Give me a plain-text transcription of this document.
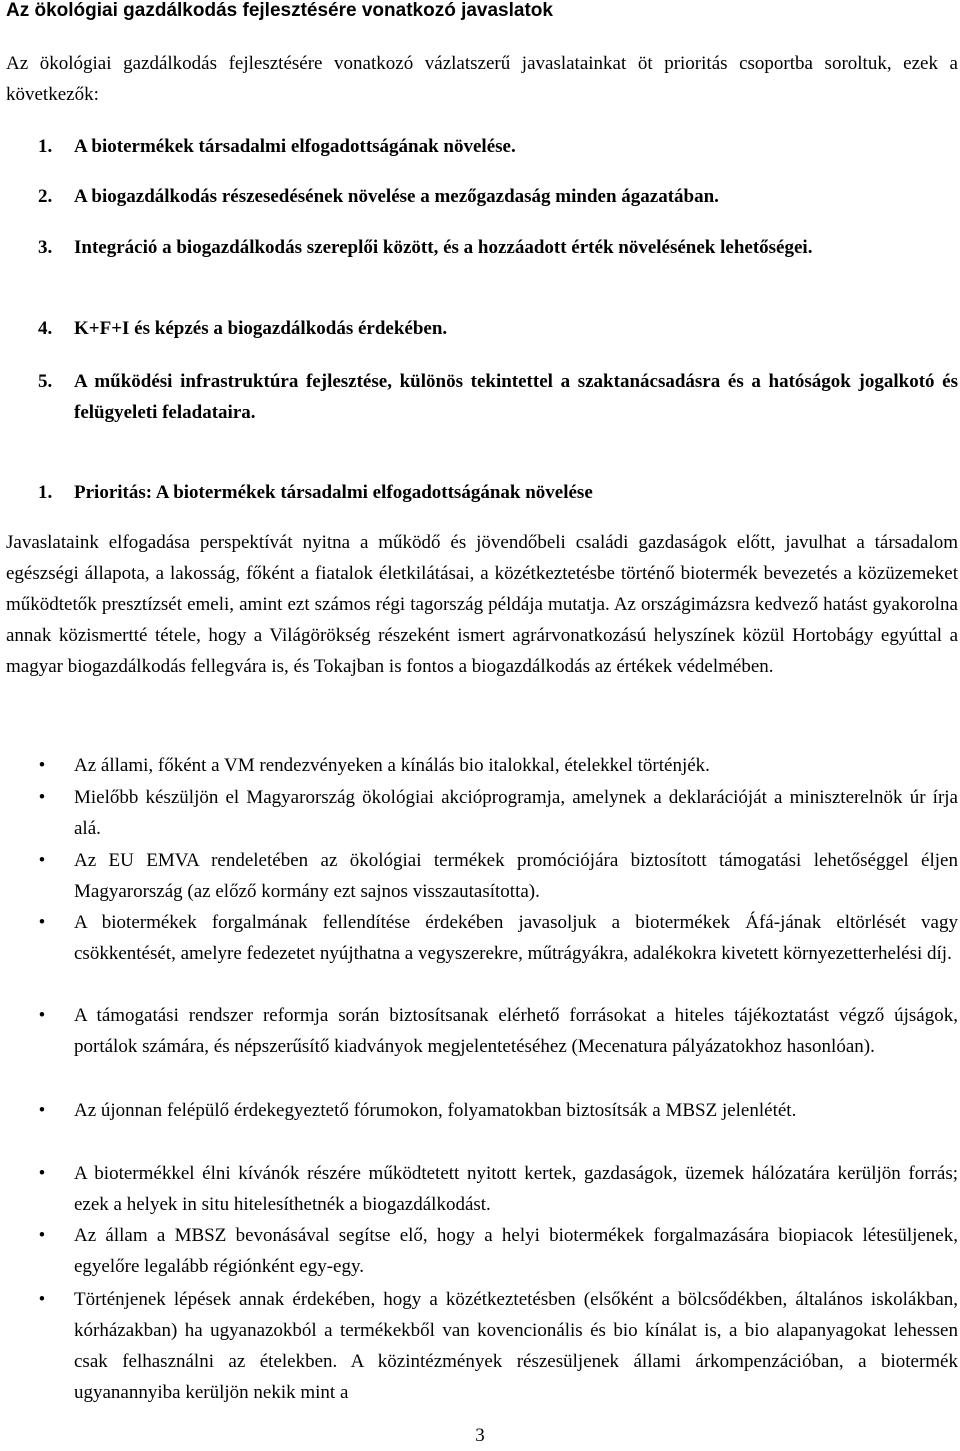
Az ökológiai gazdálkodás fejlesztésére vonatkozó javaslatok
Az ökológiai gazdálkodás fejlesztésére vonatkozó vázlatszerű javaslatainkat öt prioritás csoportba soroltuk, ezek a következők:
1.	A biotermékek társadalmi elfogadottságának növelése.
2.	A biogazdálkodás részesedésének növelése a mezőgazdaság minden ágazatában.
3.	Integráció a biogazdálkodás szereplői között, és a hozzáadott érték növelésének lehetőségei.
4.	K+F+I és képzés a biogazdálkodás érdekében.
5.	A működési infrastruktúra fejlesztése, különös tekintettel a szaktanácsadásra és a hatóságok jogalkotó és felügyeleti feladataira.
1. Prioritás: A biotermékek társadalmi elfogadottságának növelése
Javaslataink elfogadása perspektívát nyitna a működő és jövendőbeli családi gazdaságok előtt, javulhat a társadalom egészségi állapota, a lakosság, főként a fiatalok életkilátásai, a közétkeztetésbe történő biotermék bevezetés a közüzemeket működtetők presztízsét emeli, amint ezt számos régi tagország példája mutatja. Az országimázsra kedvező hatást gyakorolna annak közismertté tétele, hogy a Világörökség részeként ismert agrárvonatkozású helyszínek közül Hortobágy egyúttal a magyar biogazdálkodás fellegvára is, és Tokajban is fontos a biogazdálkodás az értékek védelmében.
• Az állami, főként a VM rendezvényeken a kínálás bio italokkal, ételekkel történjék.
• Mielőbb készüljön el Magyarország ökológiai akcióprogramja, amelynek a deklarációját a miniszterelnök úr írja alá.
• Az EU EMVA rendeletében az ökológiai termékek promóciójára biztosított támogatási lehetőséggel éljen Magyarország (az előző kormány ezt sajnos visszautasította).
• A biotermékek forgalmának fellendítése érdekében javasoljuk a biotermékek Áfá-jának eltörlését vagy csökkentését, amelyre fedezetet nyújthatna a vegyszerekre, műtrágyákra, adalékokra kivetett környezetterhelési díj.
• A támogatási rendszer reformja során biztosítsanak elérhető forrásokat a hiteles tájékoztatást végző újságok, portálok számára, és népszerűsítő kiadványok megjelentetéséhez (Mecenatura pályázatokhoz hasonlóan).
• Az újonnan felépülő érdekegyeztető fórumokon, folyamatokban biztosítsák a MBSZ jelenlétét.
• A biotermékkel élni kívánók részére működtetett nyitott kertek, gazdaságok, üzemek hálózatára kerüljön forrás; ezek a helyek in situ hitelesíthetnék a biogazdálkodást.
• Az állam a MBSZ bevonásával segítse elő, hogy a helyi biotermékek forgalmazására biopiacok létesüljenek, egyelőre legalább régiónként egy-egy.
• Történjenek lépések annak érdekében, hogy a közétkeztetésben (elsőként a bölcsődékben, általános iskolákban, kórházakban) ha ugyanazokból a termékekből van kovencionális és bio kínálat is, a bio alapanyagokat lehessen csak felhasználni az ételekben. A közintézmények részesüljenek állami árkompenzációban, a biotermék ugyanannyiba kerüljön nekik mint a
3
